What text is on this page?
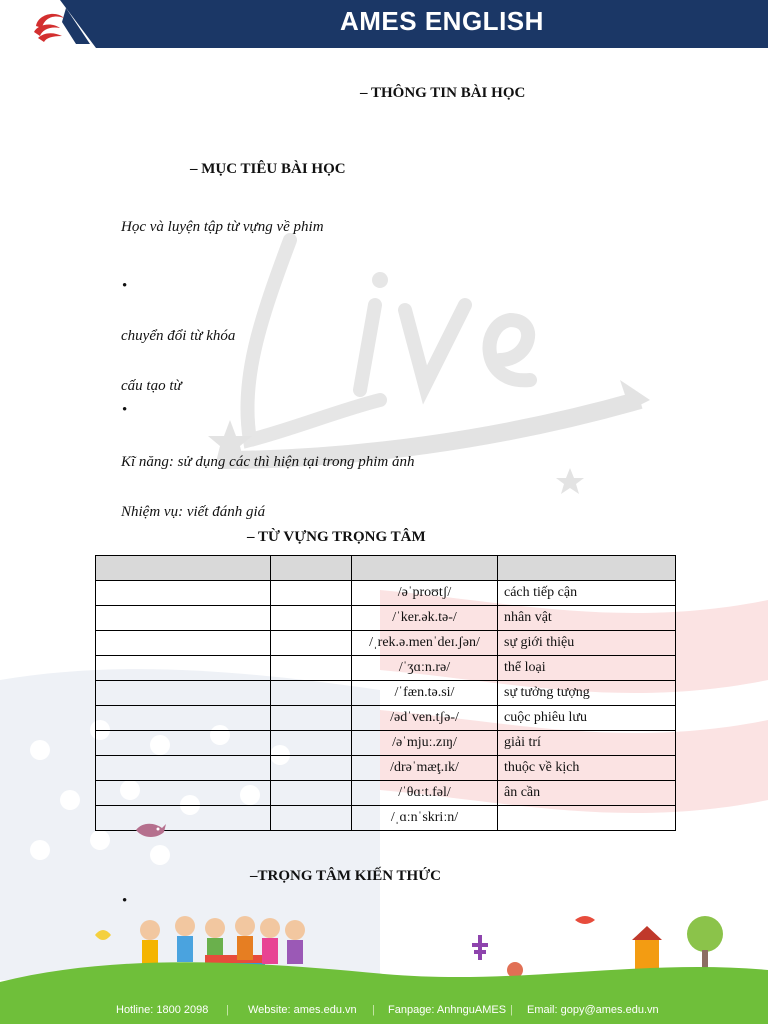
AMES ENGLISH
– THÔNG TIN BÀI HỌC
– MỤC TIÊU BÀI HỌC
Học và luyện tập từ vựng về phim
•
chuyển đổi từ khóa
cấu tạo từ
•
Kĩ năng: sử dụng các thì hiện tại trong phim ảnh
Nhiệm vụ: viết đánh giá
– TỪ VỰNG TRỌNG TÂM

		/əˈproʊtʃ/	cách tiếp cận
		/ˈker.ək.tə-/	nhân vật
		/ˌrek.ə.menˈdeɪ.ʃən/	sự giới thiệu
		/ˈʒɑːn.rə/	thể loại
		/ˈfæn.tə.si/	sự tưởng tượng
		/ədˈven.tʃə-/	cuộc phiêu lưu
		/əˈmjuː.zɪŋ/	giải trí
		/drəˈmæţ.ɪk/	thuộc về kịch
		/ˈθɑːt.fəl/	ân cần
		/ˌɑːnˈskriːn/	
–TRỌNG TÂM KIẾN THỨC
•
Hotline: 1800 2098 | Website: ames.edu.vn | Fanpage: AnhnguAMES | Email: gopy@ames.edu.vn
